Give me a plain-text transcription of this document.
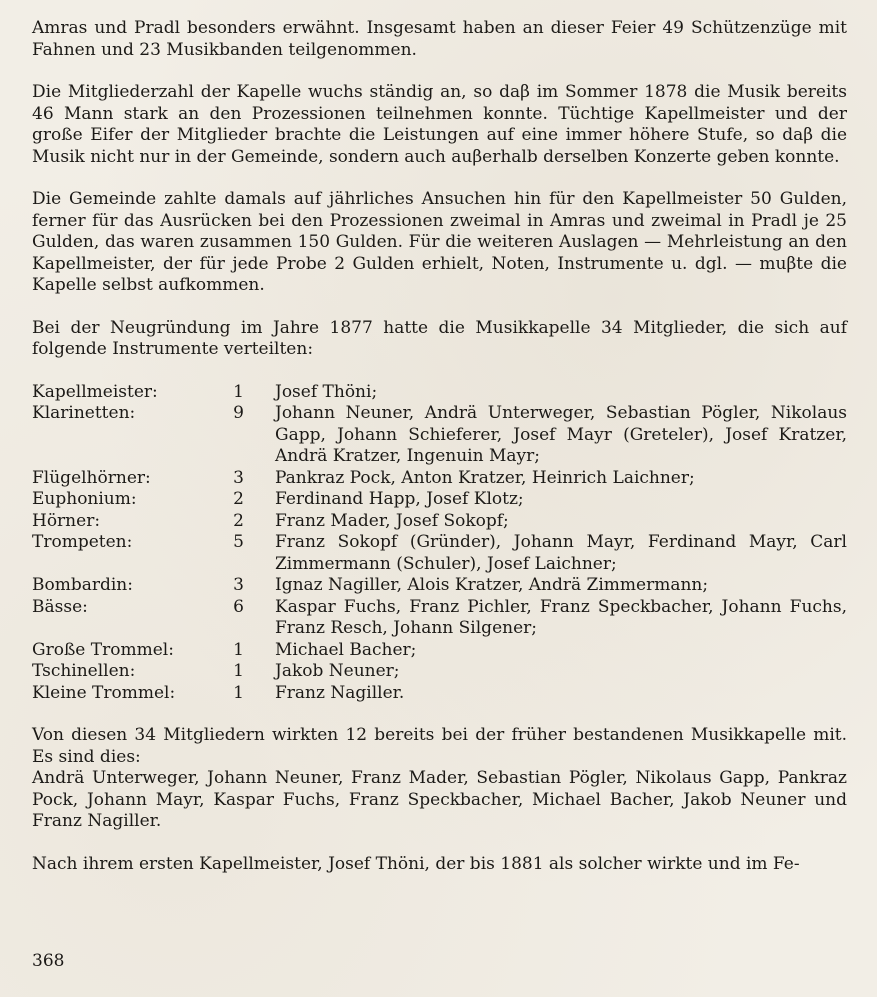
Amras und Pradl besonders erwähnt. Insgesamt haben an dieser Feier 49 Schützenzüge mit Fahnen und 23 Musikbanden teilgenommen.

Die Mitgliederzahl der Kapelle wuchs ständig an, so daβ im Sommer 1878 die Musik bereits 46 Mann stark an den Prozessionen teilnehmen konnte. Tüchtige Kapellmeister und der große Eifer der Mitglieder brachte die Leistungen auf eine immer höhere Stufe, so daβ die Musik nicht nur in der Gemeinde, sondern auch auβerhalb derselben Konzerte geben konnte.

Die Gemeinde zahlte damals auf jährliches Ansuchen hin für den Kapellmeister 50 Gulden, ferner für das Ausrücken bei den Prozessionen zweimal in Amras und zweimal in Pradl je 25 Gulden, das waren zusammen 150 Gulden. Für die weiteren Auslagen — Mehrleistung an den Kapellmeister, der für jede Probe 2 Gulden erhielt, Noten, Instrumente u. dgl. — muβte die Kapelle selbst aufkommen.

Bei der Neugründung im Jahre 1877 hatte die Musikkapelle 34 Mitglieder, die sich auf folgende Instrumente verteilten:

Kapellmeister:	1	Josef Thöni;
Klarinetten:	9	Johann Neuner, Andrä Unterweger, Sebastian Pögler, Nikolaus Gapp, Johann Schieferer, Josef Mayr (Greteler), Josef Kratzer, Andrä Kratzer, Ingenuin Mayr;
Flügelhörner:	3	Pankraz Pock, Anton Kratzer, Heinrich Laichner;
Euphonium:	2	Ferdinand Happ, Josef Klotz;
Hörner:	2	Franz Mader, Josef Sokopf;
Trompeten:	5	Franz Sokopf (Gründer), Johann Mayr, Ferdinand Mayr, Carl Zimmermann (Schuler), Josef Laichner;
Bombardin:	3	Ignaz Nagiller, Alois Kratzer, Andrä Zimmermann;
Bässe:	6	Kaspar Fuchs, Franz Pichler, Franz Speckbacher, Johann Fuchs, Franz Resch, Johann Silgener;
Große Trommel:	1	Michael Bacher;
Tschinellen:	1	Jakob Neuner;
Kleine Trommel:	1	Franz Nagiller.

Von diesen 34 Mitgliedern wirkten 12 bereits bei der früher bestandenen Musikkapelle mit. Es sind dies:

Andrä Unterweger, Johann Neuner, Franz Mader, Sebastian Pögler, Nikolaus Gapp, Pankraz Pock, Johann Mayr, Kaspar Fuchs, Franz Speckbacher, Michael Bacher, Jakob Neuner und Franz Nagiller.

Nach ihrem ersten Kapellmeister, Josef Thöni, der bis 1881 als solcher wirkte und im Fe-

368
